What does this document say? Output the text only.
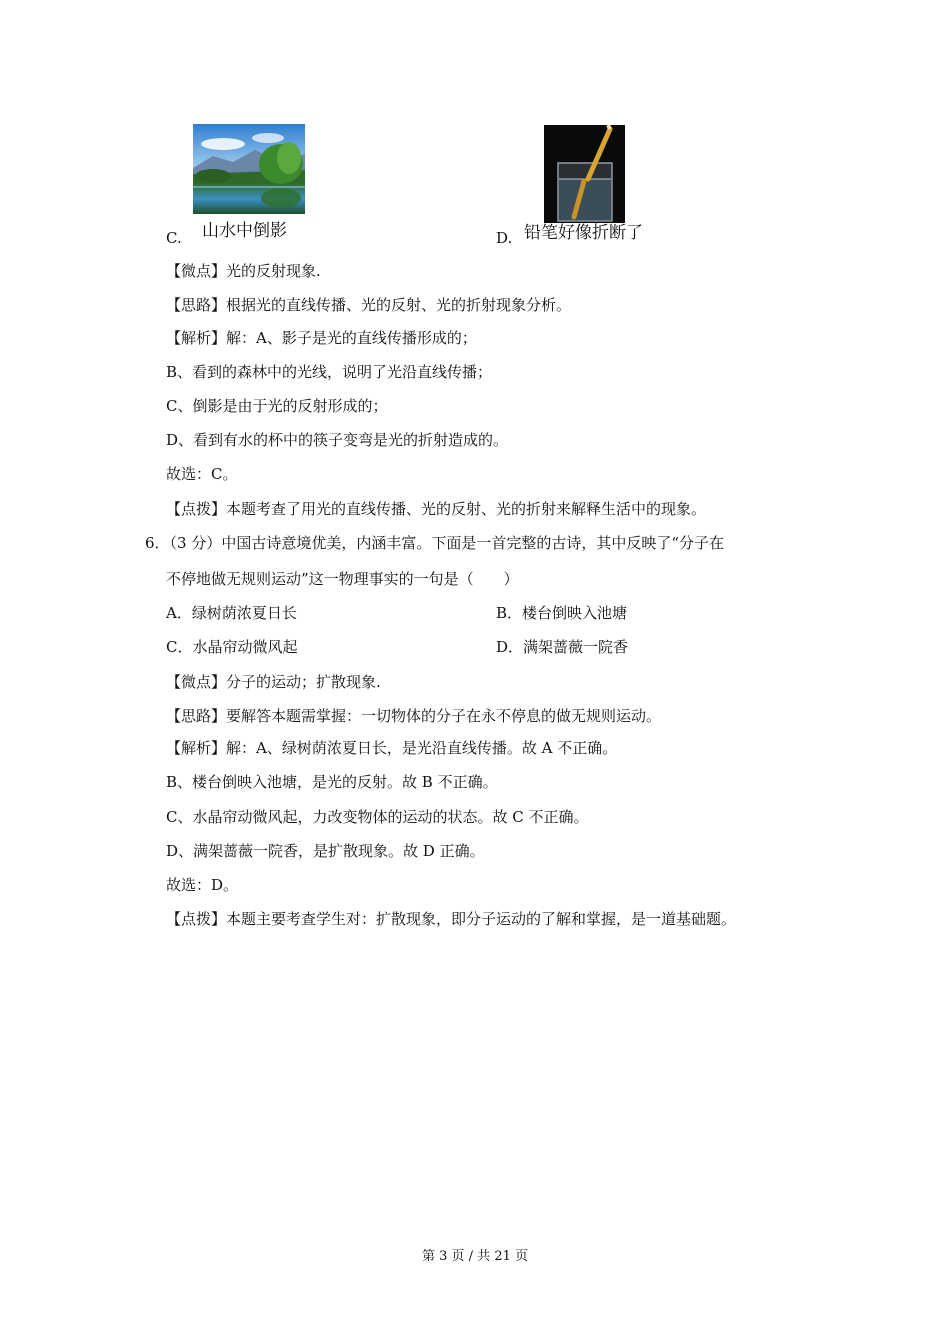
C. 山水中倒影	D. 铅笔好像折断了
【微点】光的反射现象.
【思路】根据光的直线传播、光的反射、光的折射现象分析。
【解析】解：A、影子是光的直线传播形成的；
B、看到的森林中的光线，说明了光沿直线传播；
C、倒影是由于光的反射形成的；
D、看到有水的杯中的筷子变弯是光的折射造成的。
故选：C。
【点拨】本题考查了用光的直线传播、光的反射、光的折射来解释生活中的现象。
6．（3 分）中国古诗意境优美，内涵丰富。下面是一首完整的古诗，其中反映了“分子在
不停地做无规则运动”这一物理事实的一句是（　　）
A．绿树荫浓夏日长	B．楼台倒映入池塘
C．水晶帘动微风起	D．满架蔷薇一院香
【微点】分子的运动；扩散现象.
【思路】要解答本题需掌握：一切物体的分子在永不停息的做无规则运动。
【解析】解：A、绿树荫浓夏日长，是光沿直线传播。故 A 不正确。
B、楼台倒映入池塘，是光的反射。故 B 不正确。
C、水晶帘动微风起，力改变物体的运动的状态。故 C 不正确。
D、满架蔷薇一院香，是扩散现象。故 D 正确。
故选：D。
【点拨】本题主要考查学生对：扩散现象，即分子运动的了解和掌握，是一道基础题。
第 3 页 / 共 21 页
